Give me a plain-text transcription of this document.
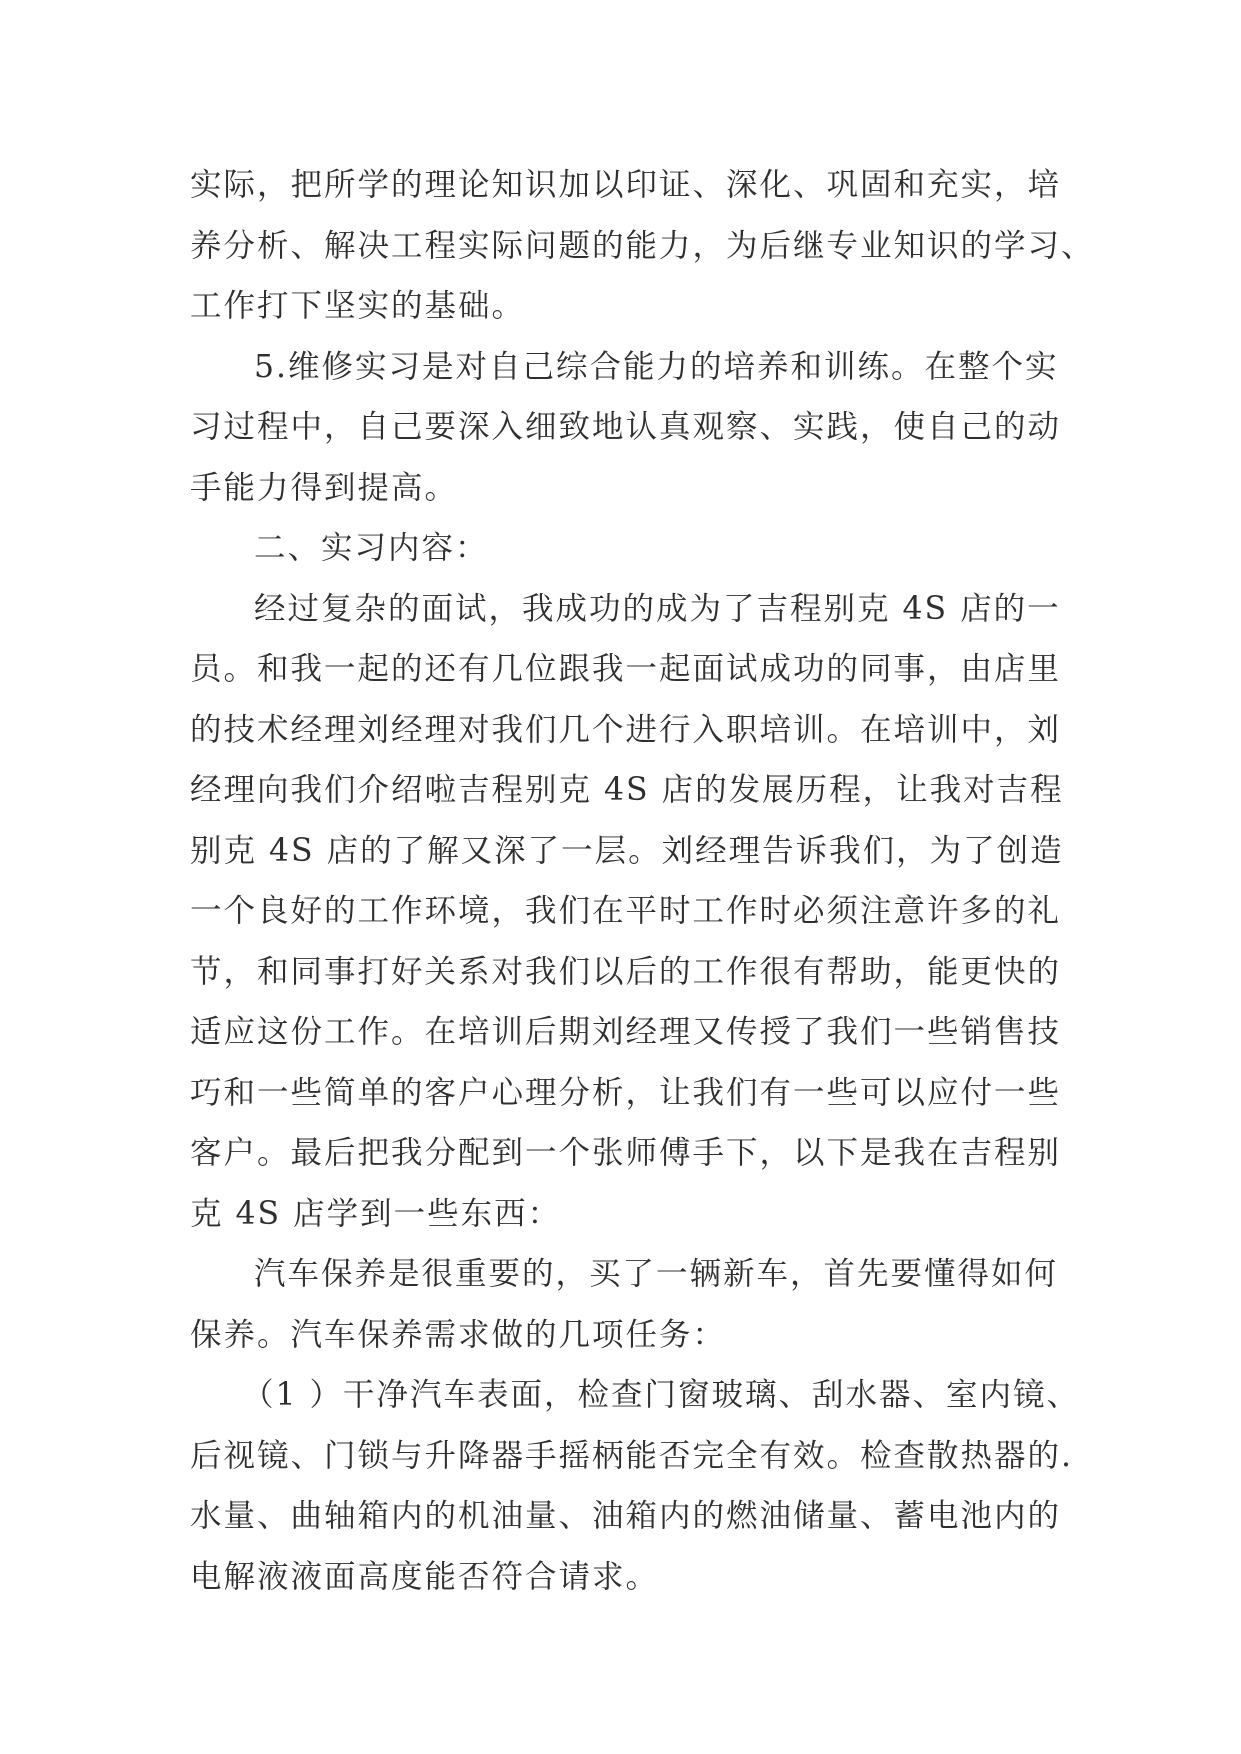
实际，把所学的理论知识加以印证、深化、巩固和充实，培
养分析、解决工程实际问题的能力，为后继专业知识的学习、
工作打下坚实的基础。
5.维修实习是对自己综合能力的培养和训练。在整个实
习过程中，自己要深入细致地认真观察、实践，使自己的动
手能力得到提高。
二、实习内容：
经过复杂的面试，我成功的成为了吉程别克 4S 店的一
员。和我一起的还有几位跟我一起面试成功的同事，由店里
的技术经理刘经理对我们几个进行入职培训。在培训中，刘
经理向我们介绍啦吉程别克 4S 店的发展历程，让我对吉程
别克 4S 店的了解又深了一层。刘经理告诉我们，为了创造
一个良好的工作环境，我们在平时工作时必须注意许多的礼
节，和同事打好关系对我们以后的工作很有帮助，能更快的
适应这份工作。在培训后期刘经理又传授了我们一些销售技
巧和一些简单的客户心理分析，让我们有一些可以应付一些
客户。最后把我分配到一个张师傅手下，以下是我在吉程别
克 4S 店学到一些东西：
汽车保养是很重要的，买了一辆新车，首先要懂得如何
保养。汽车保养需求做的几项任务：
（1 ）干净汽车表面，检查门窗玻璃、刮水器、室内镜、
后视镜、门锁与升降器手摇柄能否完全有效。检查散热器的.
水量、曲轴箱内的机油量、油箱内的燃油储量、蓄电池内的
电解液液面高度能否符合请求。
